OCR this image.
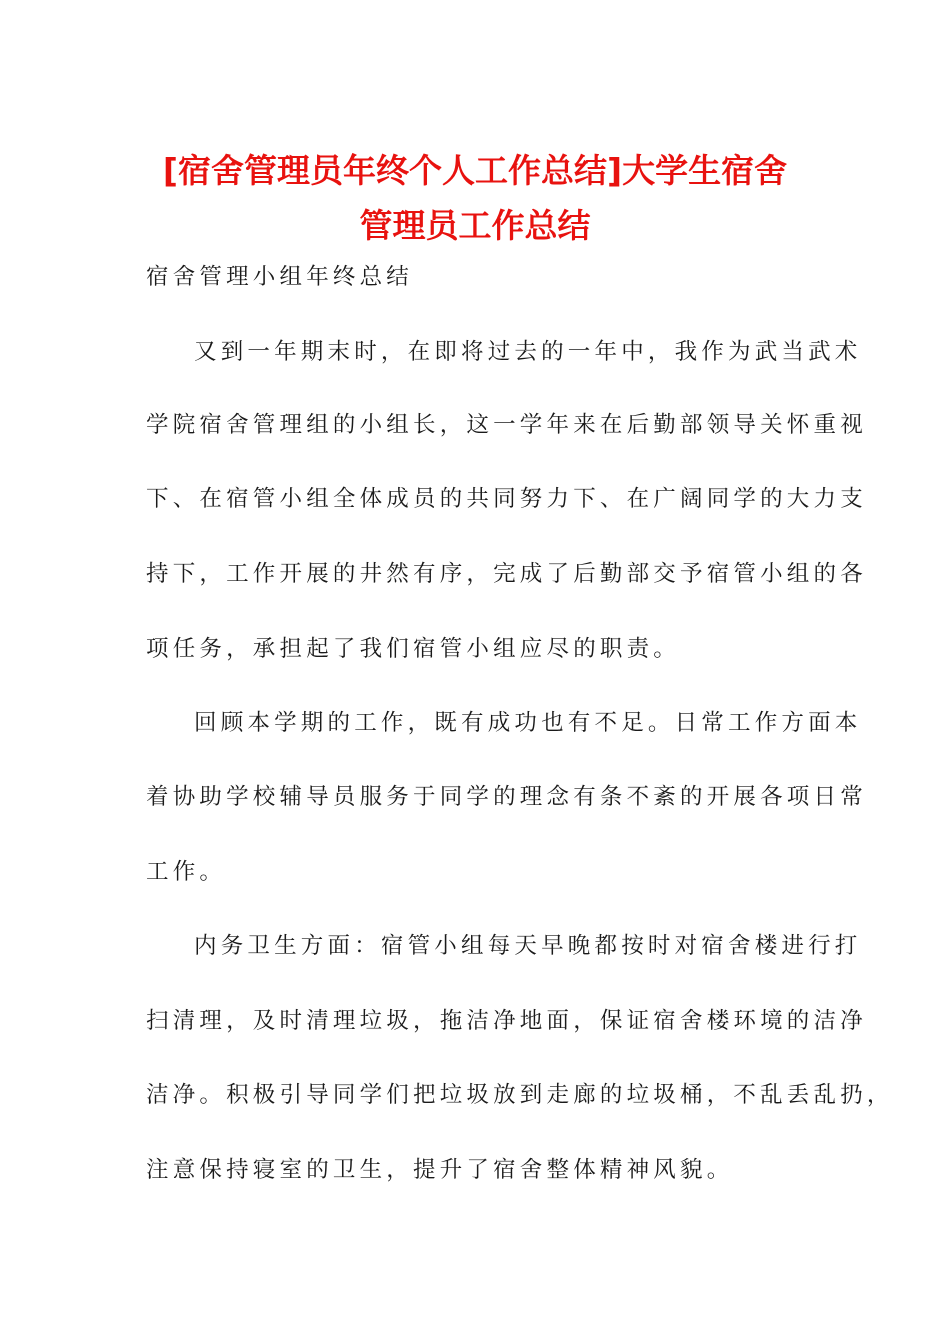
[宿舍管理员年终个人工作总结]大学生宿舍
管理员工作总结
宿舍管理小组年终总结
又到一年期末时，在即将过去的一年中，我作为武当武术
学院宿舍管理组的小组长，这一学年来在后勤部领导关怀重视
下、在宿管小组全体成员的共同努力下、在广阔同学的大力支
持下，工作开展的井然有序，完成了后勤部交予宿管小组的各
项任务，承担起了我们宿管小组应尽的职责。
回顾本学期的工作，既有成功也有不足。日常工作方面本
着协助学校辅导员服务于同学的理念有条不紊的开展各项日常
工作。
内务卫生方面：宿管小组每天早晚都按时对宿舍楼进行打
扫清理，及时清理垃圾，拖洁净地面，保证宿舍楼环境的洁净
洁净。积极引导同学们把垃圾放到走廊的垃圾桶，不乱丢乱扔，
注意保持寝室的卫生，提升了宿舍整体精神风貌。
